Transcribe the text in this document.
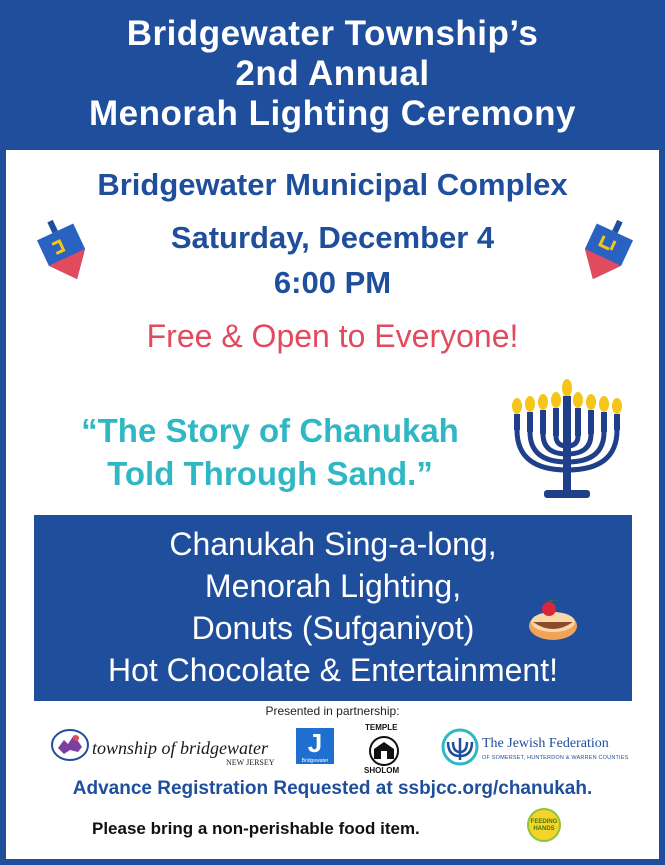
Bridgewater Township’s
2nd Annual
Menorah Lighting Ceremony
Bridgewater Municipal Complex
Saturday, December 4
6:00 PM
Free & Open to Everyone!
“The Story of Chanukah
Told Through Sand.”
Chanukah Sing-a-long,
Menorah Lighting,
Donuts (Sufganiyot)
Hot Chocolate & Entertainment!
Presented in partnership:
township of bridgewater
NEW JERSEY
J
Bridgewater
TEMPLE
SHOLOM
The Jewish Federation
OF SOMERSET, HUNTERDON & WARREN COUNTIES
Advance Registration Requested at ssbjcc.org/chanukah.
Please bring a non-perishable food item.	FEEDING HANDS
